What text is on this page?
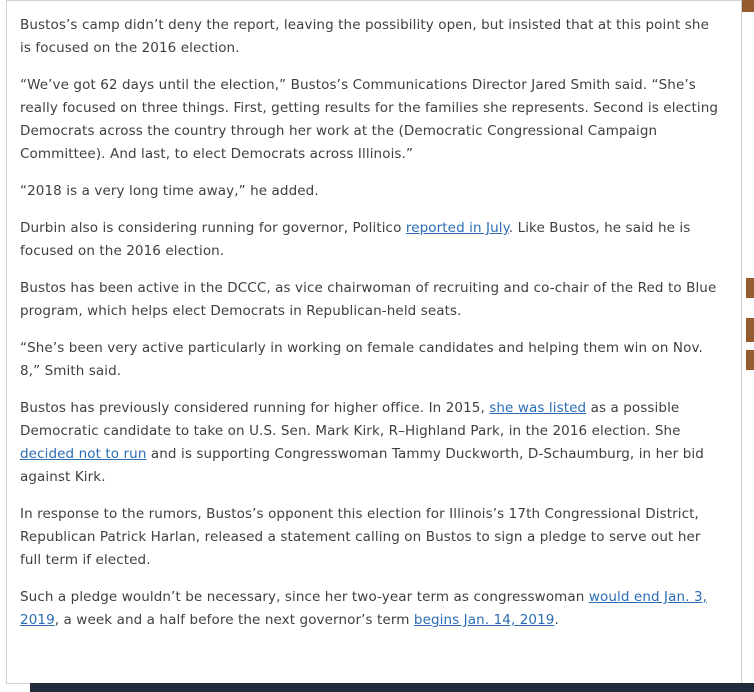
Bustos’s camp didn’t deny the report, leaving the possibility open, but insisted that at this point she is focused on the 2016 election.

“We’ve got 62 days until the election,” Bustos’s Communications Director Jared Smith said. “She’s really focused on three things. First, getting results for the families she represents. Second is electing Democrats across the country through her work at the (Democratic Congressional Campaign Committee). And last, to elect Democrats across Illinois.”

“2018 is a very long time away,” he added.

Durbin also is considering running for governor, Politico reported in July. Like Bustos, he said he is focused on the 2016 election.

Bustos has been active in the DCCC, as vice chairwoman of recruiting and co-chair of the Red to Blue program, which helps elect Democrats in Republican-held seats.

“She’s been very active particularly in working on female candidates and helping them win on Nov. 8,” Smith said.

Bustos has previously considered running for higher office. In 2015, she was listed as a possible Democratic candidate to take on U.S. Sen. Mark Kirk, R–Highland Park, in the 2016 election. She decided not to run and is supporting Congresswoman Tammy Duckworth, D-Schaumburg, in her bid against Kirk.

In response to the rumors, Bustos’s opponent this election for Illinois’s 17th Congressional District, Republican Patrick Harlan, released a statement calling on Bustos to sign a pledge to serve out her full term if elected.

Such a pledge wouldn’t be necessary, since her two-year term as congresswoman would end Jan. 3, 2019, a week and a half before the next governor’s term begins Jan. 14, 2019.
